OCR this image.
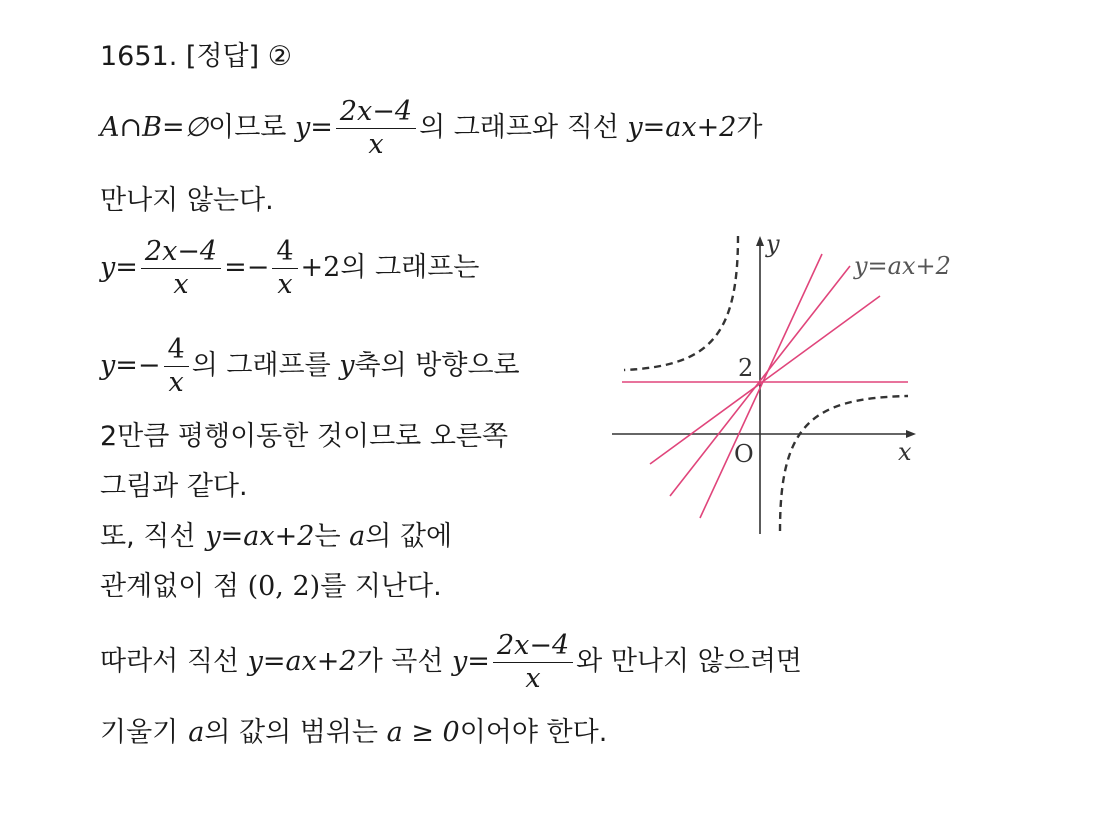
1651. [정답] ②
A∩B=∅이므로 $y= \frac{2x-4}{x}$ 의 그래프와 직선 y=ax+2가
만나지 않는다.
$y= \frac{2x-4}{x} =- \frac{4}{x} +2$의 그래프는
$y=- \frac{4}{x}$ 의 그래프를 y축의 방향으로
2만큼 평행이동한 것이므로 오른쪽
그림과 같다.
또, 직선 y=ax+2는 a의 값에
관계없이 점 (0, 2)를 지난다.
따라서 직선 y=ax+2가 곡선 $y= \frac{2x-4}{x}$ 와 만나지 않으려면
기울기 a의 값의 범위는 a ≥ 0이어야 한다.
y
x
O
2
y=ax+2
